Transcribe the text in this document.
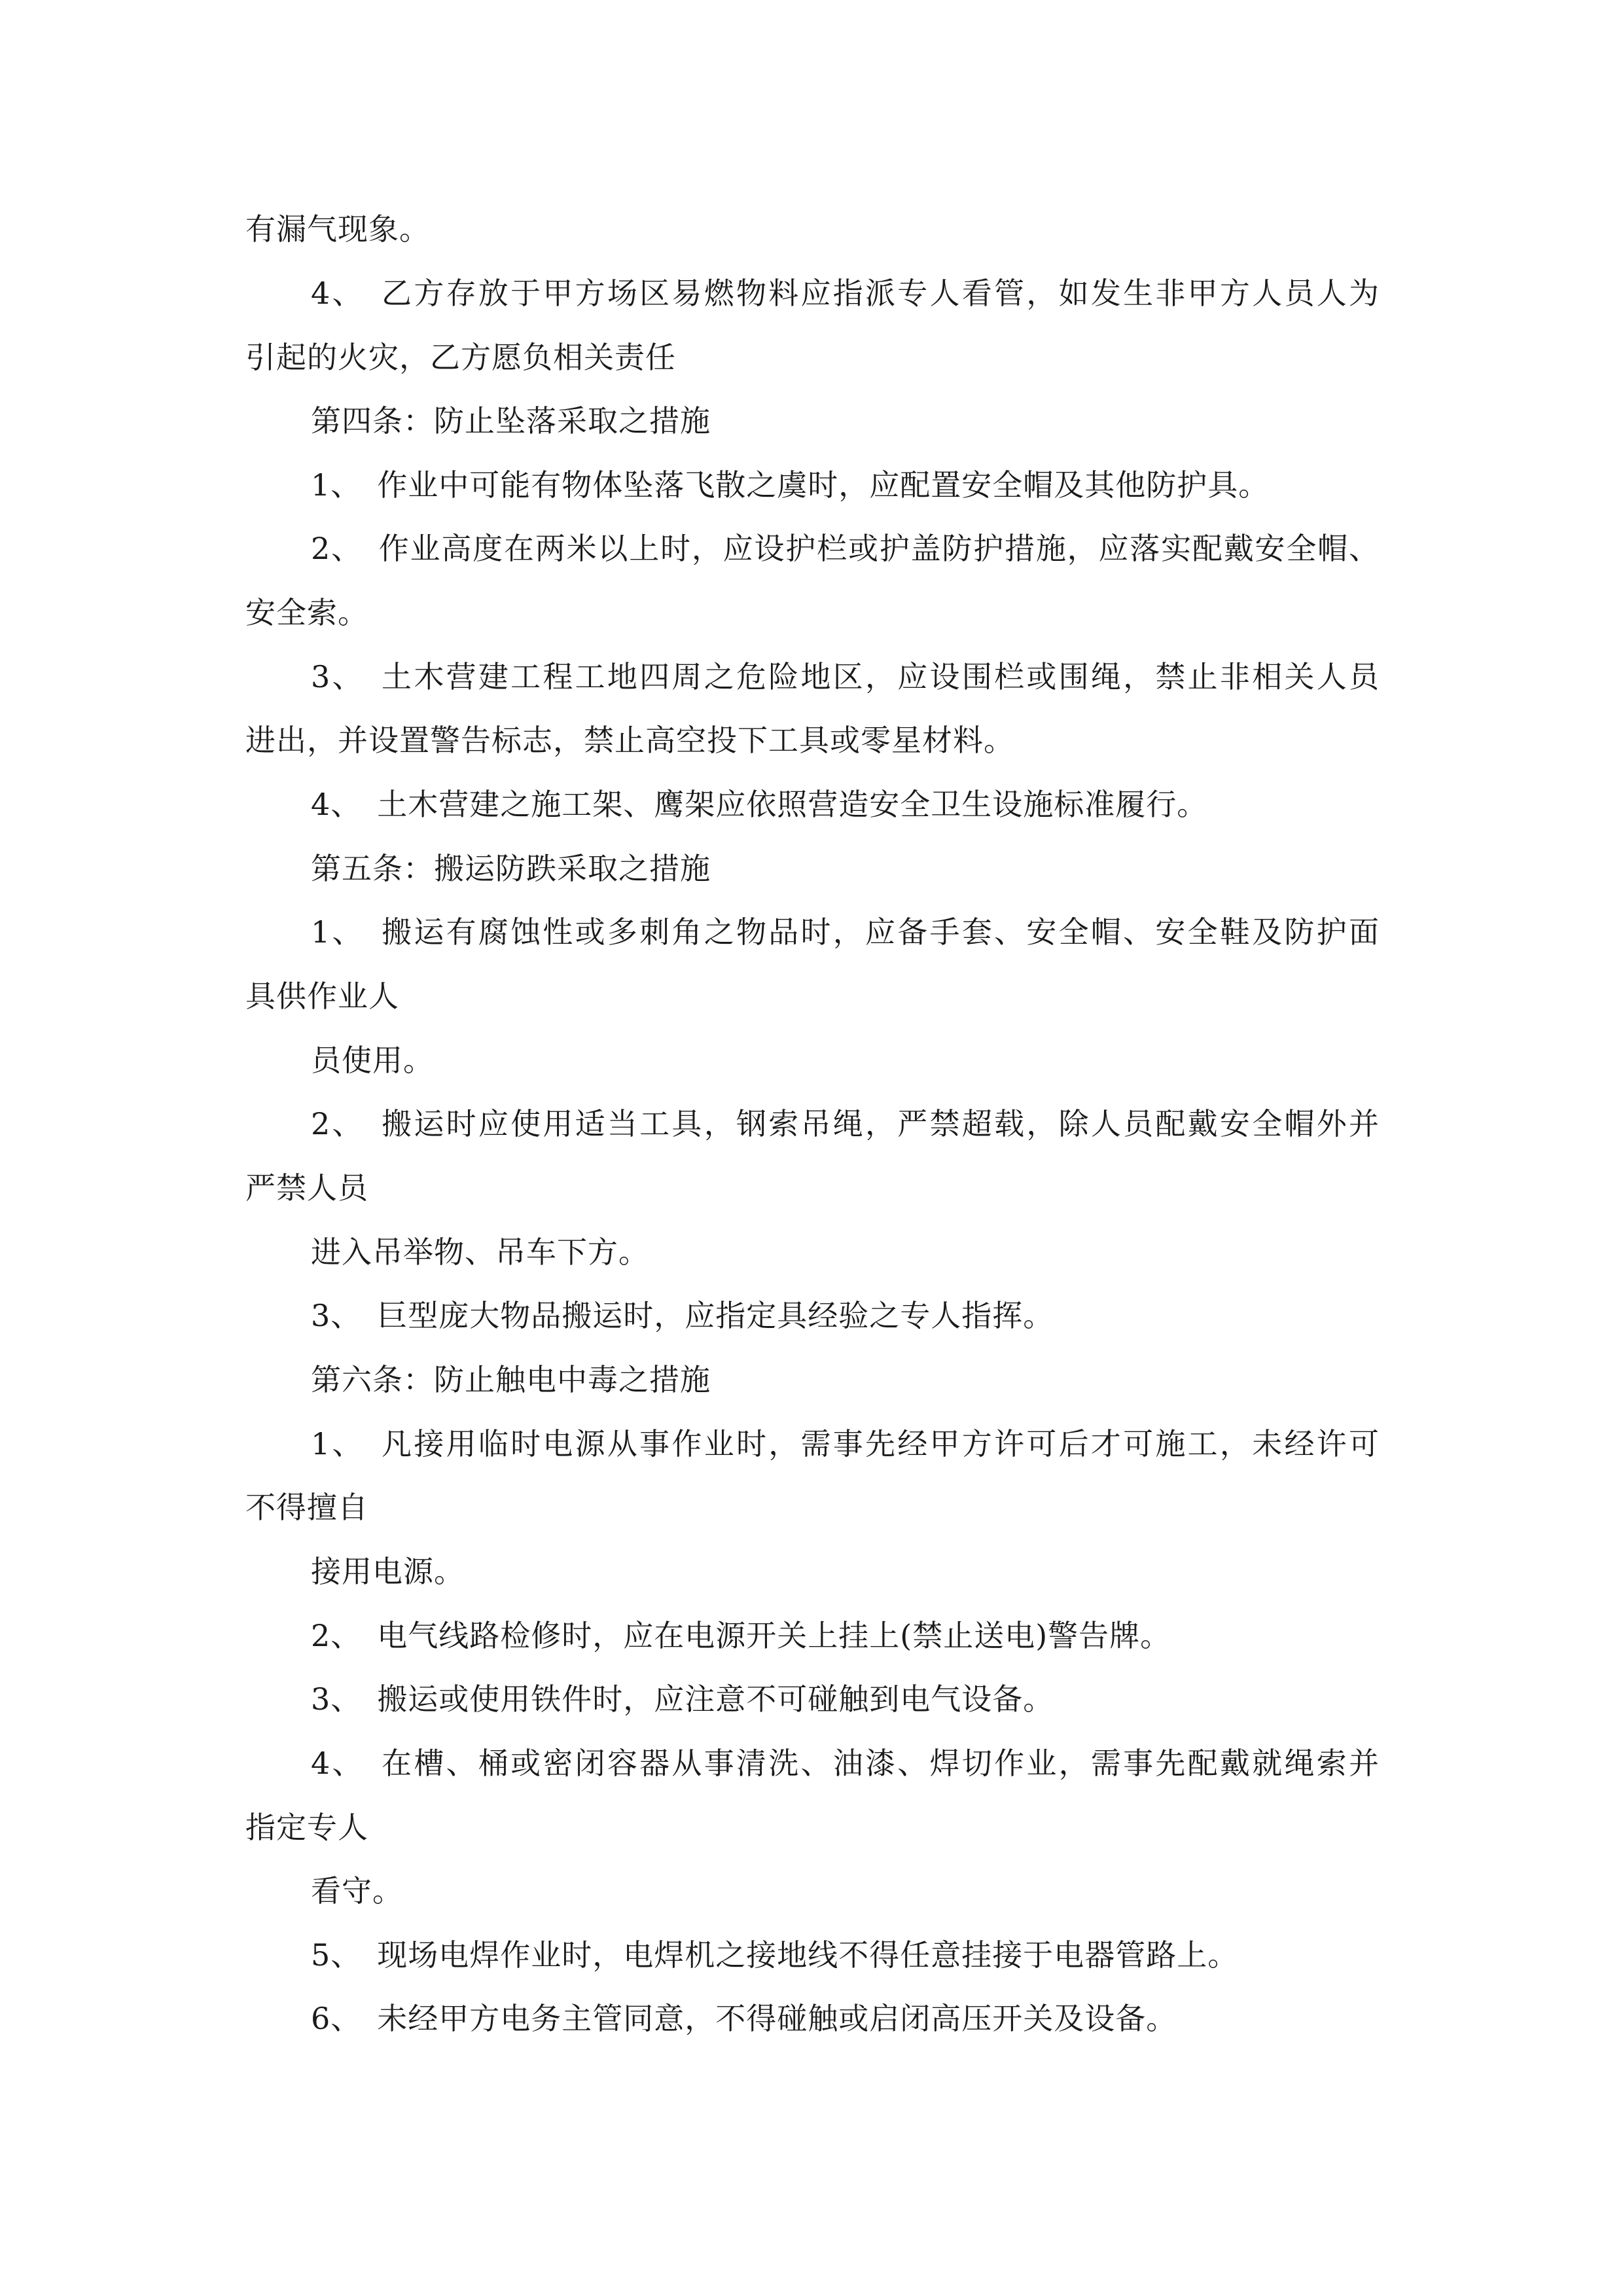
有漏气现象。
4、　乙方存放于甲方场区易燃物料应指派专人看管，如发生非甲方人员人为
引起的火灾，乙方愿负相关责任
第四条：防止坠落采取之措施
1、　作业中可能有物体坠落飞散之虞时，应配置安全帽及其他防护具。
2、　作业高度在两米以上时，应设护栏或护盖防护措施，应落实配戴安全帽、
安全索。
3、　土木营建工程工地四周之危险地区，应设围栏或围绳，禁止非相关人员
进出，并设置警告标志，禁止高空投下工具或零星材料。
4、　土木营建之施工架、鹰架应依照营造安全卫生设施标准履行。
第五条：搬运防跌采取之措施
1、　搬运有腐蚀性或多刺角之物品时，应备手套、安全帽、安全鞋及防护面
具供作业人
员使用。
2、　搬运时应使用适当工具，钢索吊绳，严禁超载，除人员配戴安全帽外并
严禁人员
进入吊举物、吊车下方。
3、　巨型庞大物品搬运时，应指定具经验之专人指挥。
第六条：防止触电中毒之措施
1、　凡接用临时电源从事作业时，需事先经甲方许可后才可施工，未经许可
不得擅自
接用电源。
2、　电气线路检修时，应在电源开关上挂上(禁止送电)警告牌。
3、　搬运或使用铁件时，应注意不可碰触到电气设备。
4、　在槽、桶或密闭容器从事清洗、油漆、焊切作业，需事先配戴就绳索并
指定专人
看守。
5、　现场电焊作业时，电焊机之接地线不得任意挂接于电器管路上。
6、　未经甲方电务主管同意，不得碰触或启闭高压开关及设备。
